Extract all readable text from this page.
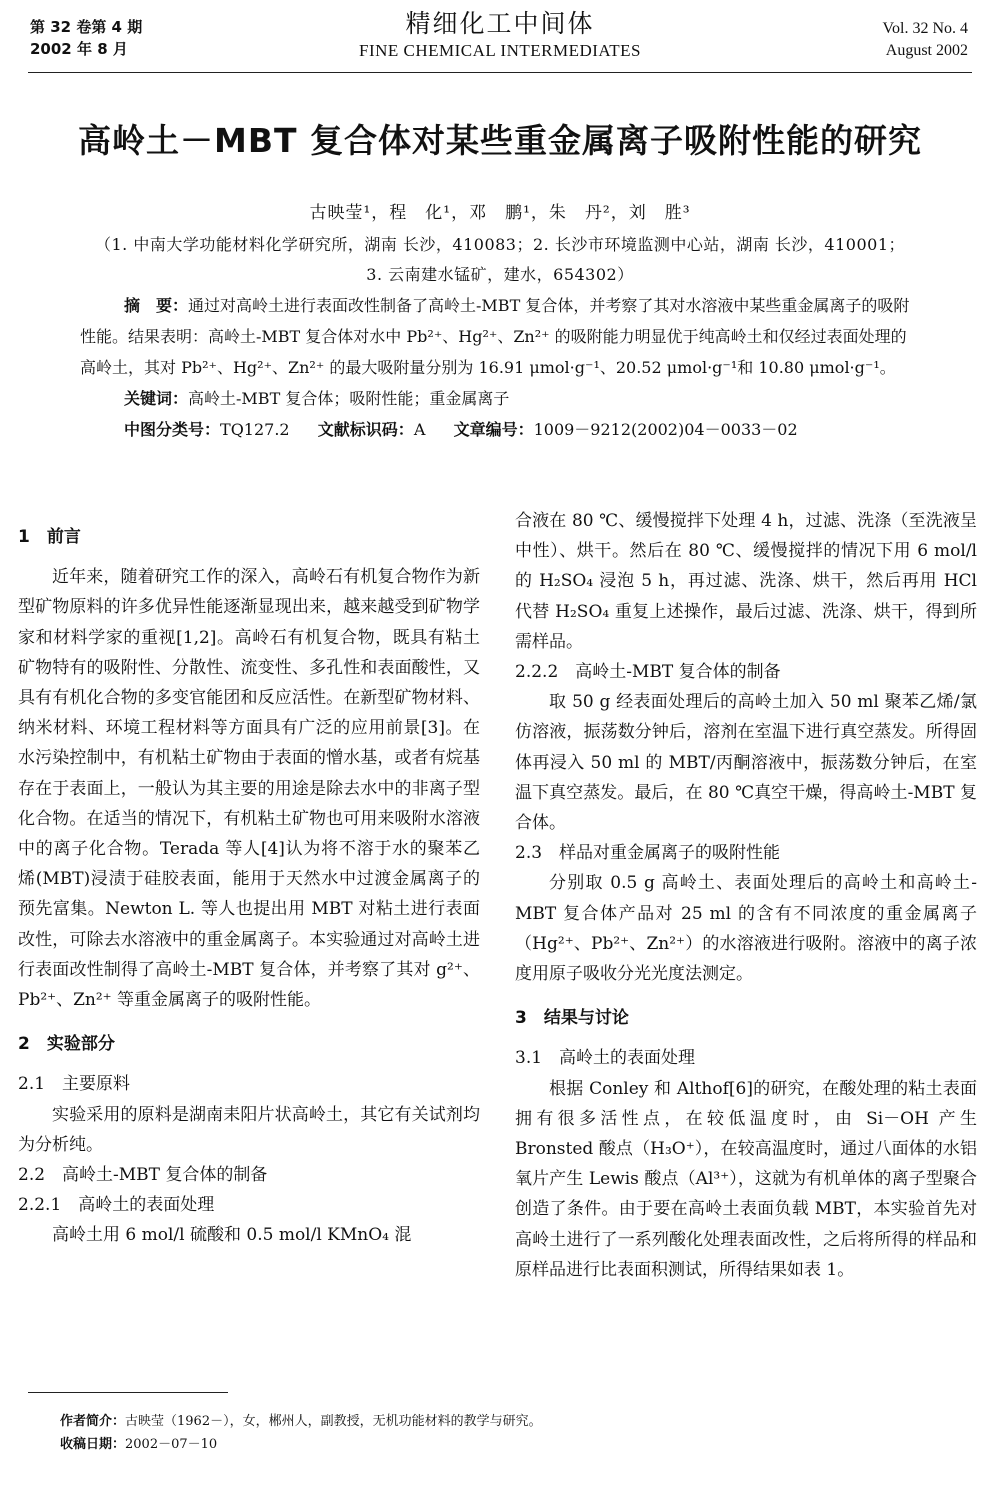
第 32 卷第 4 期
2002 年 8 月
精细化工中间体
FINE CHEMICAL INTERMEDIATES
Vol. 32 No. 4
August 2002
高岭土－MBT 复合体对某些重金属离子吸附性能的研究
古映莹¹，程　化¹，邓　鹏¹，朱　丹²，刘　胜³
（1. 中南大学功能材料化学研究所，湖南 长沙，410083；2. 长沙市环境监测中心站，湖南 长沙，410001；
3. 云南建水锰矿，建水，654302）

摘　要：通过对高岭土进行表面改性制备了高岭土-MBT 复合体，并考察了其对水溶液中某些重金属离子的吸附性能。结果表明：高岭土-MBT 复合体对水中 Pb²⁺、Hg²⁺、Zn²⁺ 的吸附能力明显优于纯高岭土和仅经过表面处理的高岭土，其对 Pb²⁺、Hg²⁺、Zn²⁺ 的最大吸附量分别为 16.91 μmol·g⁻¹、20.52 μmol·g⁻¹和 10.80 μmol·g⁻¹。

关键词：高岭土-MBT 复合体；吸附性能；重金属离子

中图分类号：TQ127.2 文献标识码：A 文章编号：1009－9212(2002)04－0033－02

1　前言

近年来，随着研究工作的深入，高岭石有机复合物作为新型矿物原料的许多优异性能逐渐显现出来，越来越受到矿物学家和材料学家的重视[1,2]。高岭石有机复合物，既具有粘土矿物特有的吸附性、分散性、流变性、多孔性和表面酸性，又具有有机化合物的多变官能团和反应活性。在新型矿物材料、纳米材料、环境工程材料等方面具有广泛的应用前景[3]。在水污染控制中，有机粘土矿物由于表面的憎水基，或者有烷基存在于表面上，一般认为其主要的用途是除去水中的非离子型化合物。在适当的情况下，有机粘土矿物也可用来吸附水溶液中的离子化合物。Terada 等人[4]认为将不溶于水的聚苯乙烯(MBT)浸渍于硅胶表面，能用于天然水中过渡金属离子的预先富集。Newton L. 等人也提出用 MBT 对粘土进行表面改性，可除去水溶液中的重金属离子。本实验通过对高岭土进行表面改性制得了高岭土-MBT 复合体，并考察了其对 g²⁺、Pb²⁺、Zn²⁺ 等重金属离子的吸附性能。

2　实验部分
2.1　主要原料

实验采用的原料是湖南耒阳片状高岭土，其它有关试剂均为分析纯。

2.2　高岭土-MBT 复合体的制备
2.2.1　高岭土的表面处理

高岭土用 6 mol/l 硫酸和 0.5 mol/l KMnO₄ 混

合液在 80 ℃、缓慢搅拌下处理 4 h，过滤、洗涤（至洗液呈中性）、烘干。然后在 80 ℃、缓慢搅拌的情况下用 6 mol/l 的 H₂SO₄ 浸泡 5 h，再过滤、洗涤、烘干，然后再用 HCl 代替 H₂SO₄ 重复上述操作，最后过滤、洗涤、烘干，得到所需样品。

2.2.2　高岭土-MBT 复合体的制备

取 50 g 经表面处理后的高岭土加入 50 ml 聚苯乙烯/氯仿溶液，振荡数分钟后，溶剂在室温下进行真空蒸发。所得固体再浸入 50 ml 的 MBT/丙酮溶液中，振荡数分钟后，在室温下真空蒸发。最后，在 80 ℃真空干燥，得高岭土-MBT 复合体。

2.3　样品对重金属离子的吸附性能

分别取 0.5 g 高岭土、表面处理后的高岭土和高岭土-MBT 复合体产品对 25 ml 的含有不同浓度的重金属离子（Hg²⁺、Pb²⁺、Zn²⁺）的水溶液进行吸附。溶液中的离子浓度用原子吸收分光光度法测定。

3　结果与讨论
3.1　高岭土的表面处理

根据 Conley 和 Althof[6]的研究，在酸处理的粘土表面拥有很多活性点，在较低温度时，由 Si－OH 产生 Bronsted 酸点（H₃O⁺），在较高温度时，通过八面体的水铝氧片产生 Lewis 酸点（Al³⁺），这就为有机单体的离子型聚合创造了条件。由于要在高岭土表面负载 MBT，本实验首先对高岭土进行了一系列酸化处理表面改性，之后将所得的样品和原样品进行比表面积测试，所得结果如表 1。

作者简介：古映莹（1962－），女，郴州人，副教授，无机功能材料的教学与研究。
收稿日期：2002－07－10
